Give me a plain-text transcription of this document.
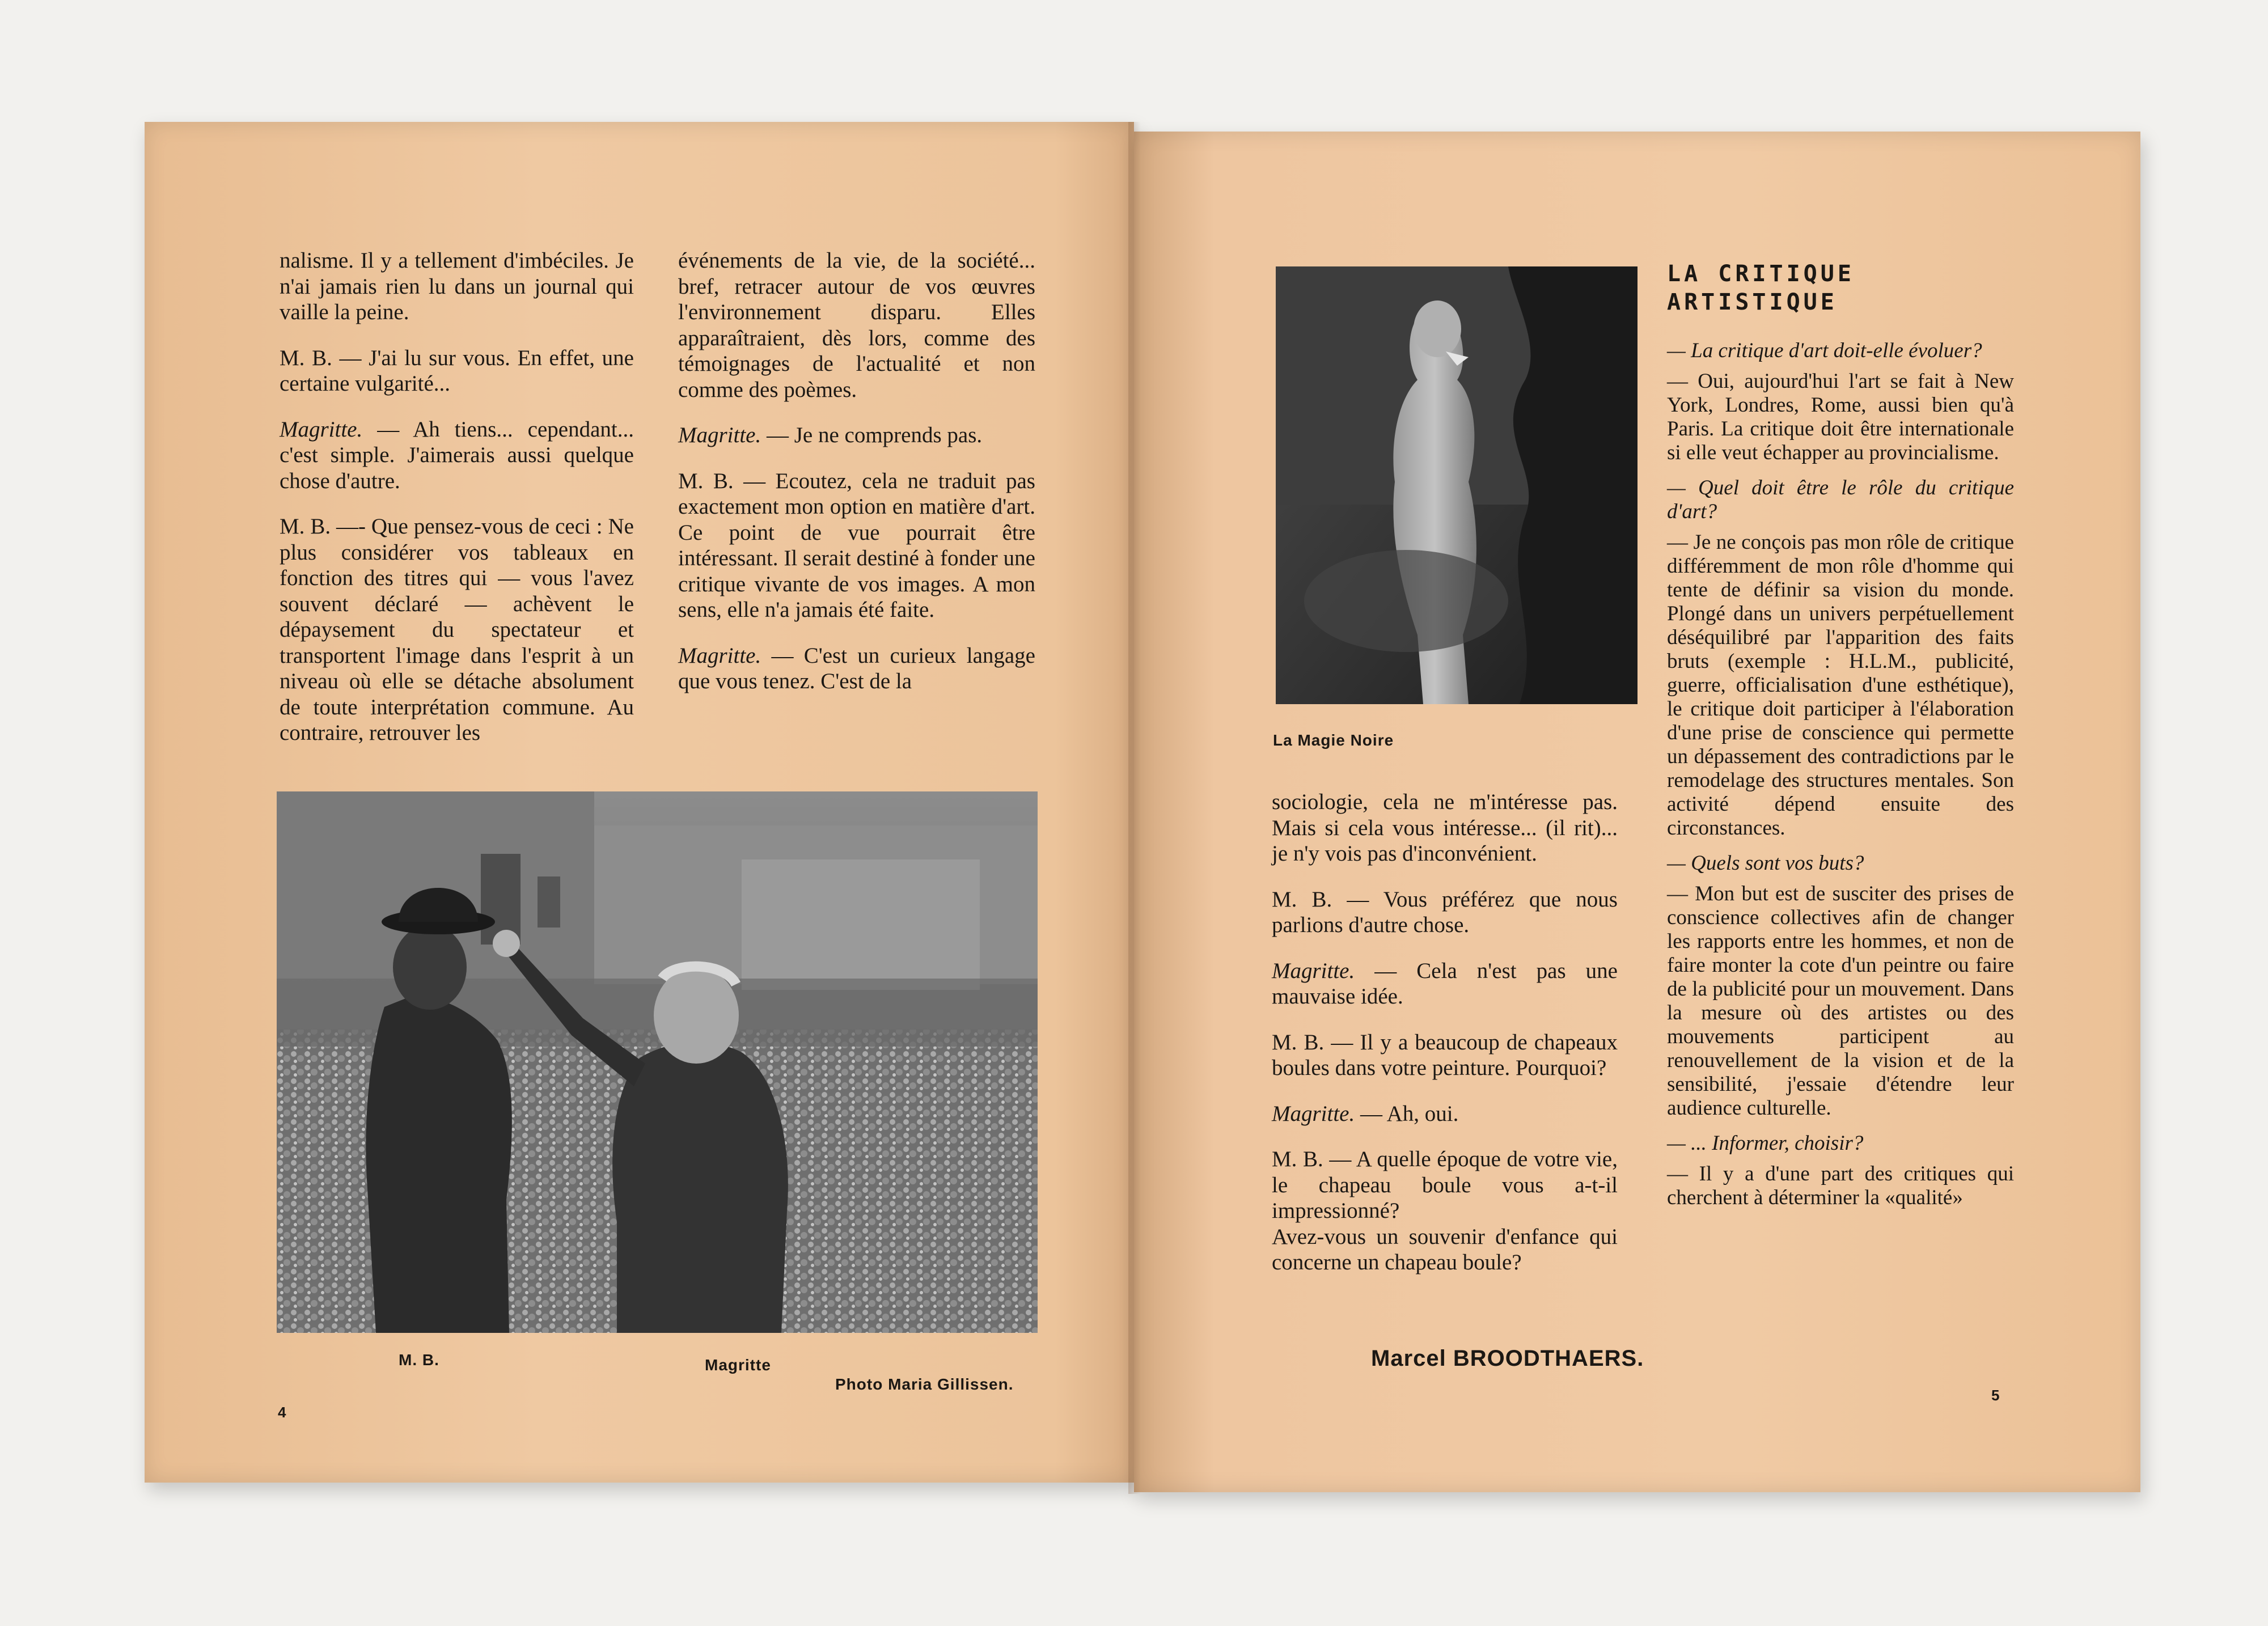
nalisme. Il y a tellement d'imbéciles. Je n'ai jamais rien lu dans un journal qui vaille la peine.

M. B. — J'ai lu sur vous. En effet, une certaine vulgarité...

Magritte. — Ah tiens... cependant... c'est simple. J'aimerais aussi quelque chose d'autre.

M. B. —- Que pensez-vous de ceci : Ne plus considérer vos tableaux en fonction des titres qui — vous l'avez souvent déclaré — achèvent le dépaysement du spectateur et transportent l'image dans l'esprit à un niveau où elle se détache absolument de toute interprétation commune. Au contraire, retrouver les

événements de la vie, de la société... bref, retracer autour de vos œuvres l'environnement disparu. Elles apparaîtraient, dès lors, comme des témoignages de l'actualité et non comme des poèmes.

Magritte. — Je ne comprends pas.

M. B. — Ecoutez, cela ne traduit pas exactement mon option en matière d'art. Ce point de vue pourrait être intéressant. Il serait destiné à fonder une critique vivante de vos images. A mon sens, elle n'a jamais été faite.

Magritte. — C'est un curieux langage que vous tenez. C'est de la

M. B.	Magritte
Photo Maria Gillissen.
4
La Magie Noire
LA CRITIQUE
ARTISTIQUE

sociologie, cela ne m'intéresse pas. Mais si cela vous intéresse... (il rit)... je n'y vois pas d'inconvénient.

M. B. — Vous préférez que nous parlions d'autre chose.

Magritte. — Cela n'est pas une mauvaise idée.

M. B. — Il y a beaucoup de chapeaux boules dans votre peinture. Pourquoi?

Magritte. — Ah, oui.

M. B. — A quelle époque de votre vie, le chapeau boule vous a-t-il impressionné?

Avez-vous un souvenir d'enfance qui concerne un chapeau boule?

Marcel BROODTHAERS.

— La critique d'art doit-elle évoluer?

— Oui, aujourd'hui l'art se fait à New York, Londres, Rome, aussi bien qu'à Paris. La critique doit être internationale si elle veut échapper au provincialisme.

— Quel doit être le rôle du critique d'art?

— Je ne conçois pas mon rôle de critique différemment de mon rôle d'homme qui tente de définir sa vision du monde. Plongé dans un univers perpétuellement déséquilibré par l'apparition des faits bruts (exemple : H.L.M., publicité, guerre, officialisation d'une esthétique), le critique doit participer à l'élaboration d'une prise de conscience qui permette un dépassement des contradictions par le remodelage des structures mentales. Son activité dépend ensuite des circonstances.

— Quels sont vos buts?

— Mon but est de susciter des prises de conscience collectives afin de changer les rapports entre les hommes, et non de faire monter la cote d'un peintre ou faire de la publicité pour un mouvement. Dans la mesure où des artistes ou des mouvements participent au renouvellement de la vision et de la sensibilité, j'essaie d'étendre leur audience culturelle.

— ... Informer, choisir?

— Il y a d'une part des critiques qui cherchent à déterminer la «qualité»

5
